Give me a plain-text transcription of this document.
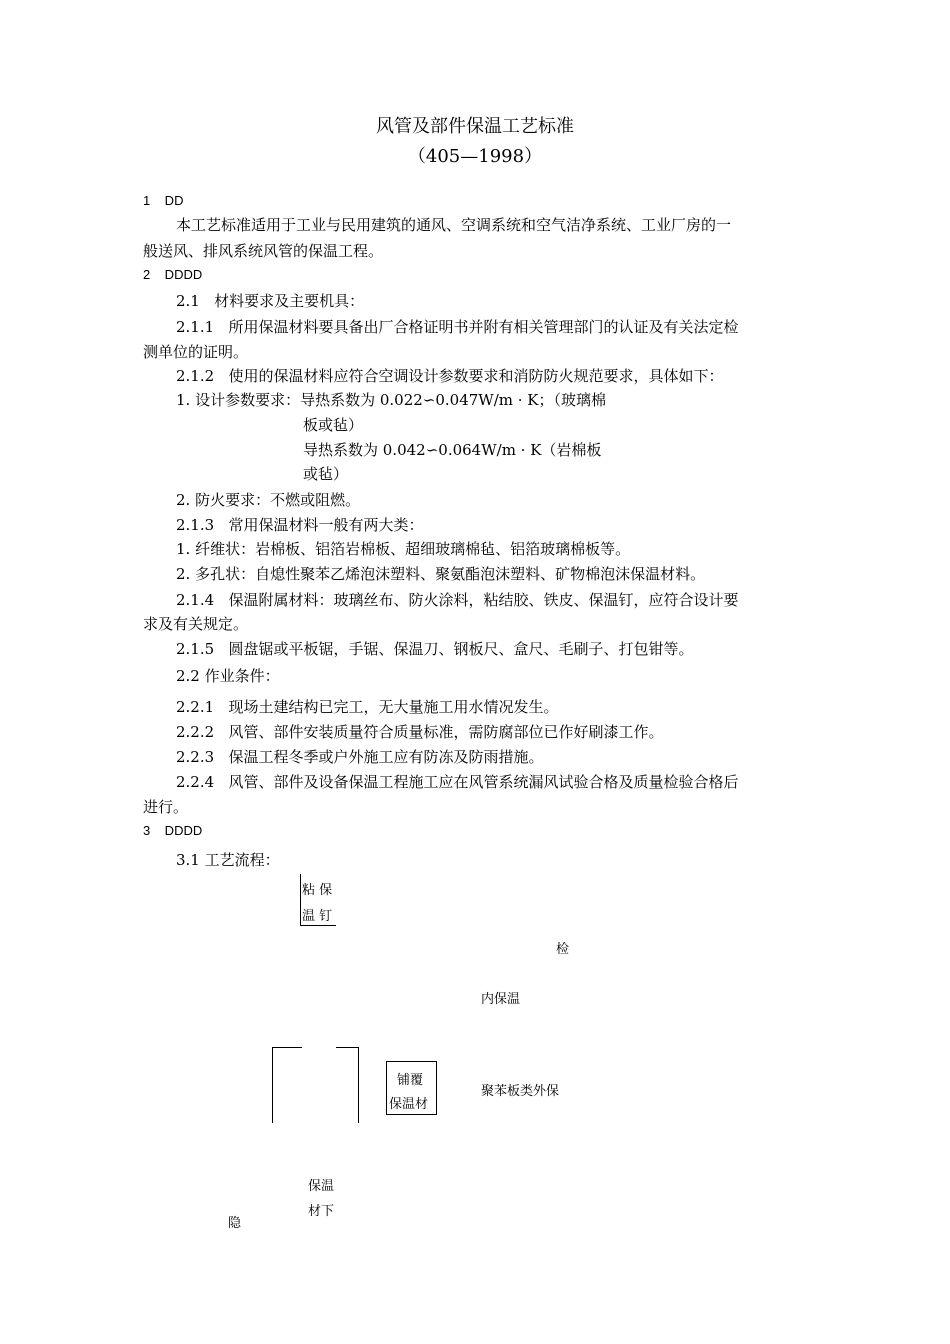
风管及部件保温工艺标准
（405—1998）
1    DD
本工艺标准适用于工业与民用建筑的通风、空调系统和空气洁净系统、工业厂房的一
般送风、排风系统风管的保温工程。
2    DDDD
2.1   材料要求及主要机具：
2.1.1   所用保温材料要具备出厂合格证明书并附有相关管理部门的认证及有关法定检
测单位的证明。
2.1.2   使用的保温材料应符合空调设计参数要求和消防防火规范要求，具体如下：
1. 设计参数要求：导热系数为 0.022∽0.047W/m · K；（玻璃棉
板或毡）
导热系数为 0.042∽0.064W/m · K（岩棉板
或毡）
2. 防火要求：不燃或阻燃。
2.1.3   常用保温材料一般有两大类：
1. 纤维状：岩棉板、铝箔岩棉板、超细玻璃棉毡、铝箔玻璃棉板等。
2. 多孔状：自熄性聚苯乙烯泡沫塑料、聚氨酯泡沫塑料、矿物棉泡沫保温材料。
2.1.4   保温附属材料：玻璃丝布、防火涂料，粘结胶、铁皮、保温钉，应符合设计要
求及有关规定。
2.1.5   圆盘锯或平板锯，手锯、保温刀、钢板尺、盒尺、毛刷子、打包钳等。
2.2 作业条件：
2.2.1   现场土建结构已完工，无大量施工用水情况发生。
2.2.2   风管、部件安装质量符合质量标准，需防腐部位已作好刷漆工作。
2.2.3   保温工程冬季或户外施工应有防冻及防雨措施。
2.2.4   风管、部件及设备保温工程施工应在风管系统漏风试验合格及质量检验合格后
进行。
3    DDDD
3.1 工艺流程：
粘 保
温 钉
检
内保温
铺覆
保温材
聚苯板类外保
保温
材下
隐
